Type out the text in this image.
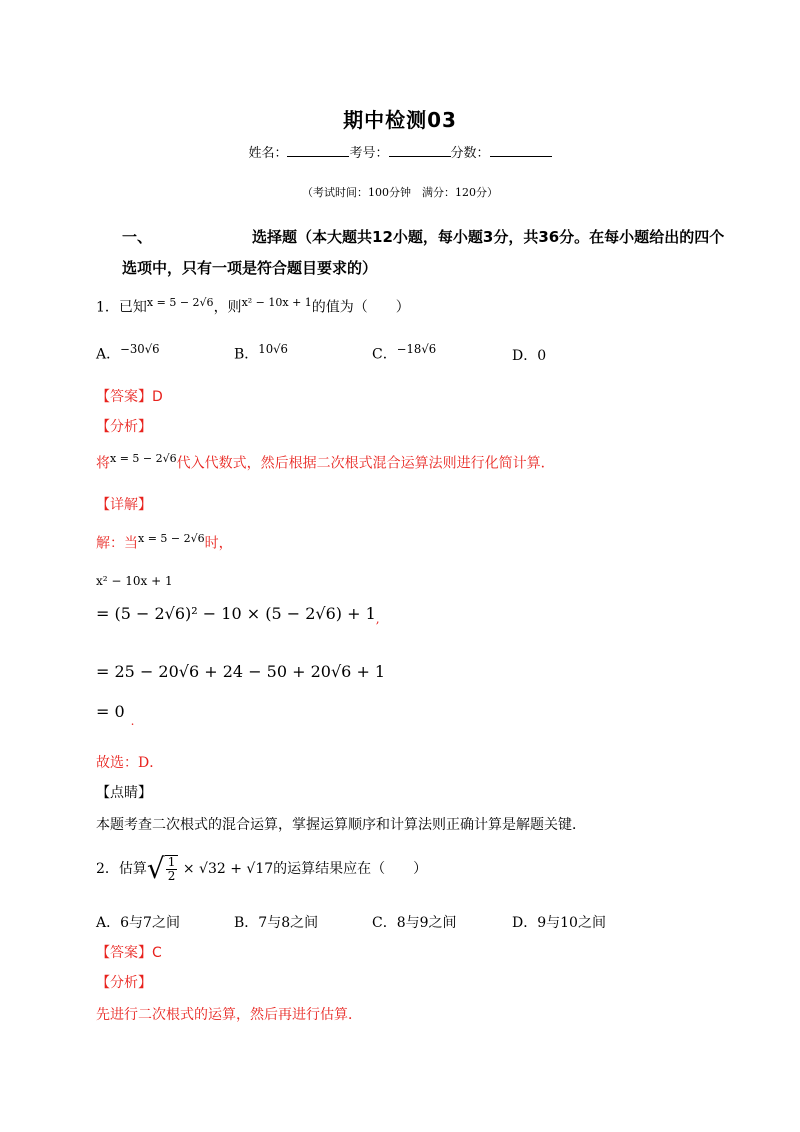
期中检测03
姓名：	考号：	分数：
（考试时间：100分钟　满分：120分）
一、	选择题（本大题共12小题，每小题3分，共36分。在每小题给出的四个
选项中，只有一项是符合题目要求的）
1．已知$^{x = 5 - 2√6}$，则$^{x^2 - 10x + 1}$的值为（　　）
A．$^{-30√6}$	B．$^{10√6}$	C．$^{-18√6}$	D．0
【答案】D
【分析】
将$^{x = 5 - 2√6}$代入代数式，然后根据二次根式混合运算法则进行化简计算．
【详解】
解：当$^{x = 5 - 2√6}$时，
x² − 10x + 1
= $(5 - 2√6)^2 - 10 \times (5 - 2√6) + 1_,$
= 25 − 20√6 + 24 − 50 + 20√6 + 1
= 0 $_.$
故选：D．
【点睛】
本题考查二次根式的混合运算，掌握运算顺序和计算法则正确计算是解题关键．
2．估算√ $\frac{1}{2} \times √32 + √17$的运算结果应在（　　）
A．6与7之间	B．7与8之间	C．8与9之间	D．9与10之间
【答案】C
【分析】
先进行二次根式的运算，然后再进行估算．
